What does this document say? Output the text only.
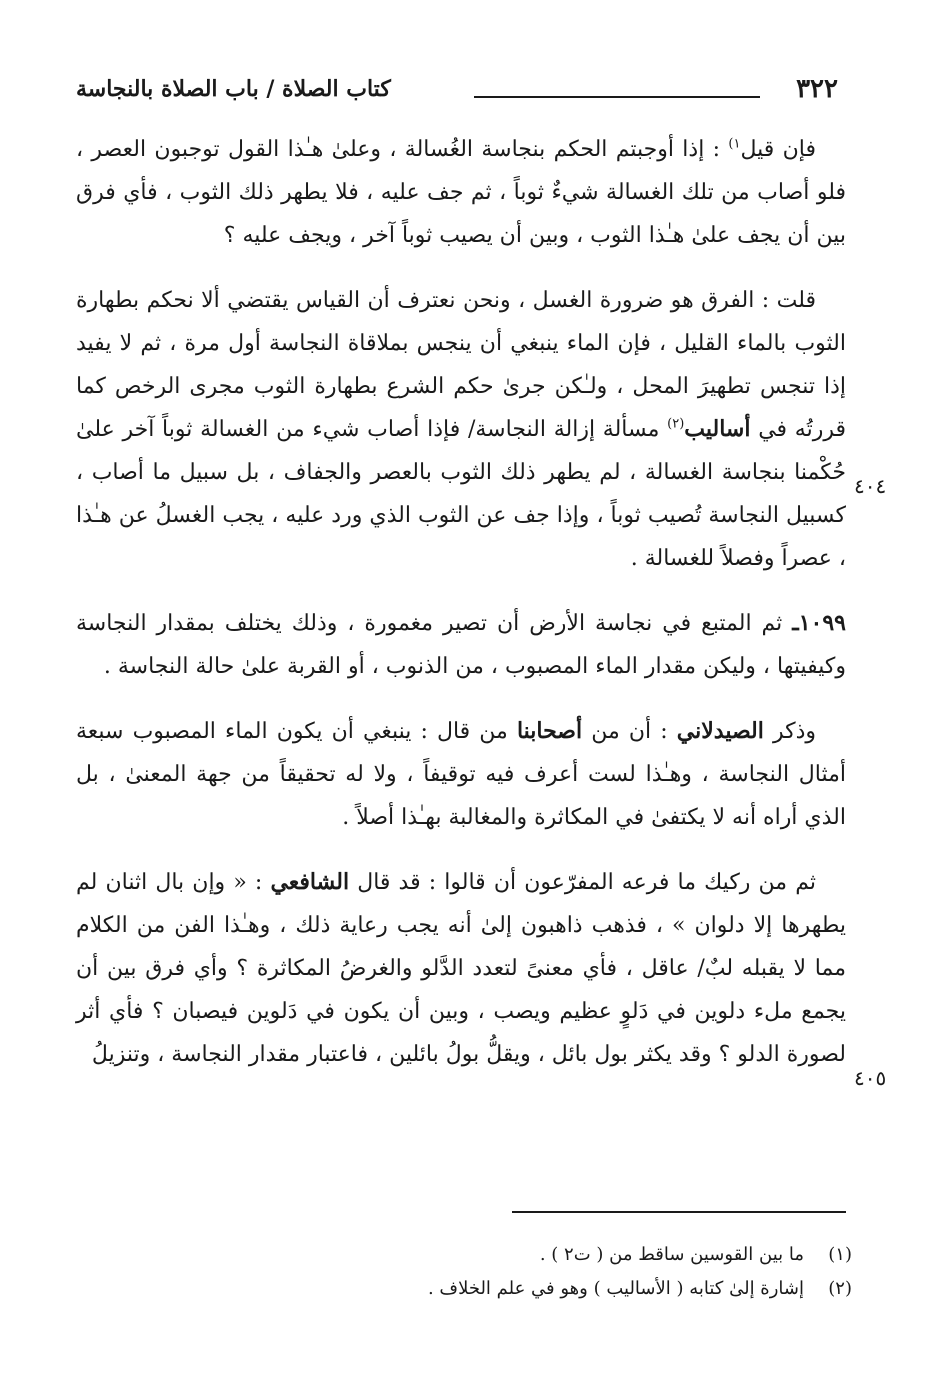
٣٢٢
كتاب الصلاة / باب الصلاة بالنجاسة
٤٠٤
٤٠٥

فإن قيل$^{١)}$ : إذا أوجبتم الحكم بنجاسة الغُسالة ، وعلىٰ هـٰذا القول توجبون العصر ، فلو أصاب من تلك الغسالة شيءٌ ثوباً ، ثم جف عليه ، فلا يطهر ذلك الثوب ، فأي فرق بين أن يجف علىٰ هـٰذا الثوب ، وبين أن يصيب ثوباً آخر ، ويجف عليه ؟

قلت : الفرق هو ضرورة الغسل ، ونحن نعترف أن القياس يقتضي ألا نحكم بطهارة الثوب بالماء القليل ، فإن الماء ينبغي أن ينجس بملاقاة النجاسة أول مرة ، ثم لا يفيد إذا تنجس تطهيرَ المحل ، ولـٰكن جرىٰ حكم الشرع بطهارة الثوب مجرى الرخص كما قررتُه في أساليب$^{(٢)}$ مسألة إزالة النجاسة/ فإذا أصاب شيء من الغسالة ثوباً آخر علىٰ حُكْمنا بنجاسة الغسالة ، لم يطهر ذلك الثوب بالعصر والجفاف ، بل سبيل ما أصاب ، كسبيل النجاسة تُصيب ثوباً ، وإذا جف عن الثوب الذي ورد عليه ، يجب الغسلُ عن هـٰذا ، عصراً وفصلاً للغسالة .

١٠٩٩ـ ثم المتبع في نجاسة الأرض أن تصير مغمورة ، وذلك يختلف بمقدار النجاسة وكيفيتها ، وليكن مقدار الماء المصبوب ، من الذنوب ، أو القربة علىٰ حالة النجاسة .

وذكر الصيدلاني : أن من أصحابنا من قال : ينبغي أن يكون الماء المصبوب سبعة أمثال النجاسة ، وهـٰذا لست أعرف فيه توقيفاً ، ولا له تحقيقاً من جهة المعنىٰ ، بل الذي أراه أنه لا يكتفىٰ في المكاثرة والمغالبة بهـٰذا أصلاً .

ثم من ركيك ما فرعه المفرّعون أن قالوا : قد قال الشافعي : « وإن بال اثنان لم يطهرها إلا دلوان » ، فذهب ذاهبون إلىٰ أنه يجب رعاية ذلك ، وهـٰذا الفن من الكلام مما لا يقبله لبٌ/ عاقل ، فأي معنىً لتعدد الدَّلو والغرضُ المكاثرة ؟ وأي فرق بين أن يجمع ملء دلوين في دَلوٍ عظيم ويصب ، وبين أن يكون في دَلوين فيصبان ؟ فأي أثر لصورة الدلو ؟ وقد يكثر بول بائل ، ويقلُّ بولُ بائلين ، فاعتبار مقدار النجاسة ، وتنزيلُ

(١)ما بين القوسين ساقط من ( ت٢ ) .
(٢)إشارة إلىٰ كتابه ( الأساليب ) وهو في علم الخلاف .
